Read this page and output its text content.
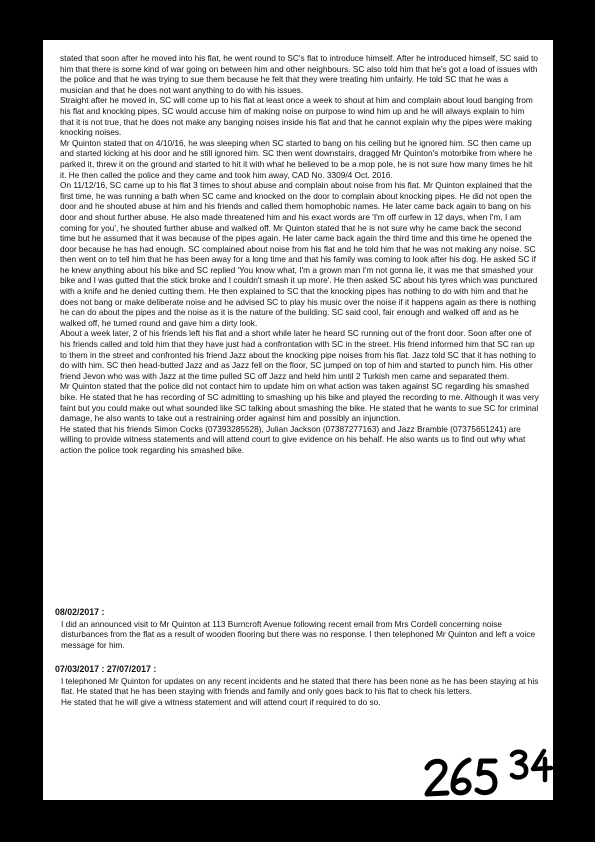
stated that soon after he moved into his flat, he went round to SC's flat to introduce himself. After he introduced himself, SC said to him that there is some kind of war going on between him and other neighbours. SC also told him that he's got a load of issues with the police and that he was trying to sue them because he felt that they were treating him unfairly. He told SC that he was a musician and that he does not want anything to do with his issues.

Straight after he moved in, SC will come up to his flat at least once a week to shout at him and complain about loud banging from his flat and knocking pipes. SC would accuse him of making noise on purpose to wind him up and he will always explain to him that it is not true, that he does not make any banging noises inside his flat and that he cannot explain why the pipes were making knocking noises.

Mr Quinton stated that on 4/10/16, he was sleeping when SC started to bang on his ceiling but he ignored him. SC then came up and started kicking at his door and he still ignored him. SC then went downstairs, dragged Mr Quinton's motorbike from where he parked it, threw it on the ground and started to hit it with what he believed to be a mop pole, he is not sure how many times he hit it. He then called the police and they came and took him away, CAD No. 3309/4 Oct. 2016.

On 11/12/16, SC came up to his flat 3 times to shout abuse and complain about noise from his flat. Mr Quinton explained that the first time, he was running a bath when SC came and knocked on the door to complain about knocking pipes. He did not open the door and he shouted abuse at him and his friends and called them homophobic names. He later came back again to bang on his door and shout further abuse. He also made threatened him and his exact words are 'I'm off curfew in 12 days, when I'm, I am coming for you', he shouted further abuse and walked off. Mr Quinton stated that he is not sure why he came back the second time but he assumed that it was because of the pipes again. He later came back again the third time and this time he opened the door because he has had enough. SC complained about noise from his flat and he told him that he was not making any noise. SC then went on to tell him that he has been away for a long time and that his family was coming to look after his dog. He asked SC if he knew anything about his bike and SC replied 'You know what, I'm a grown man I'm not gonna lie, it was me that smashed your bike and I was gutted that the stick broke and I couldn't smash it up more'. He then asked SC about his tyres which was punctured with a knife and he denied cutting them. He then explained to SC that the knocking pipes has nothing to do with him and that he does not bang or make deliberate noise and he advised SC to play his music over the noise if it happens again as there is nothing he can do about the pipes and the noise as it is the nature of the building. SC said cool, fair enough and walked off and as he walked off, he turned round and gave him a dirty look.

About a week later, 2 of his friends left his flat and a short while later he heard SC running out of the front door. Soon after one of his friends called and told him that they have just had a confrontation with SC in the street. His friend informed him that SC ran up to them in the street and confronted his friend Jazz about the knocking pipe noises from his flat. Jazz told SC that it has nothing to do with him. SC then head-butted Jazz and as Jazz fell on the floor, SC jumped on top of him and started to punch him. His other friend Jevon who was with Jazz at the time pulled SC off Jazz and held him until 2 Turkish men came and separated them.

Mr Quinton stated that the police did not contact him to update him on what action was taken against SC regarding his smashed bike. He stated that he has recording of SC admitting to smashing up his bike and played the recording to me. Although it was very faint but you could make out what sounded like SC talking about smashing the bike. He stated that he wants to sue SC for criminal damage, he also wants to take out a restraining order against him and possibly an injunction.

He stated that his friends Simon Cocks (07393285528), Julian Jackson (07387277163) and Jazz Bramble (07375651241) are willing to provide witness statements and will attend court to give evidence on his behalf. He also wants us to find out why what action the police took regarding his smashed bike.

08/02/2017 :

I did an announced visit to Mr Quinton at 113 Burncroft Avenue following recent email from Mrs Cordell concerning noise disturbances from the flat as a result of wooden flooring but there was no response. I then telephoned Mr Quinton and left a voice message for him.

07/03/2017 : 27/07/2017 :

I telephoned Mr Quinton for updates on any recent incidents and he stated that there has been none as he has been staying at his flat. He stated that he has been staying with friends and family and only goes back to his flat to check his letters.

He stated that he will give a witness statement and will attend court if required to do so.

https://ecaseworks.net/ENFIELD/ViewSelected.asp?sViewData=796258,796261,817...	03/08/2017
